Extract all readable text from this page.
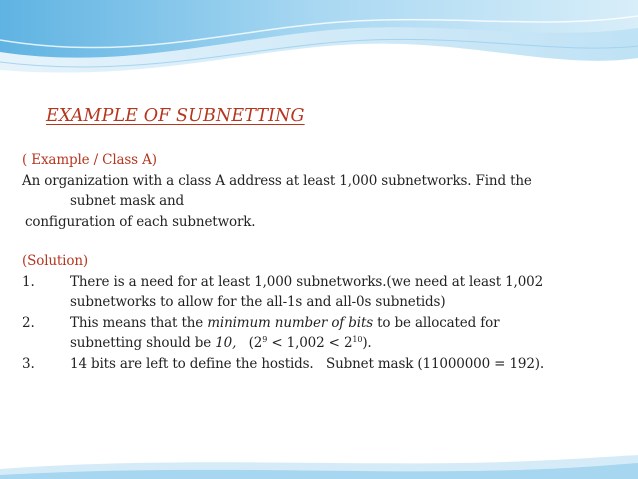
EXAMPLE OF SUBNETTING
( Example / Class A)
An organization with a class A address at least 1,000 subnetworks. Find the
subnet mask and
configuration of each subnetwork.
(Solution)
1.	There is a need for at least 1,000 subnetworks.(we need at least 1,002
subnetworks to allow for the all-1s and all-0s subnetids)
2.	This means that the minimum number of bits to be allocated for
subnetting should be 10,   $(2^9 < 1,002 < 2^{10})$.
3.	14 bits are left to define the hostids.   Subnet mask (11000000 = 192).
